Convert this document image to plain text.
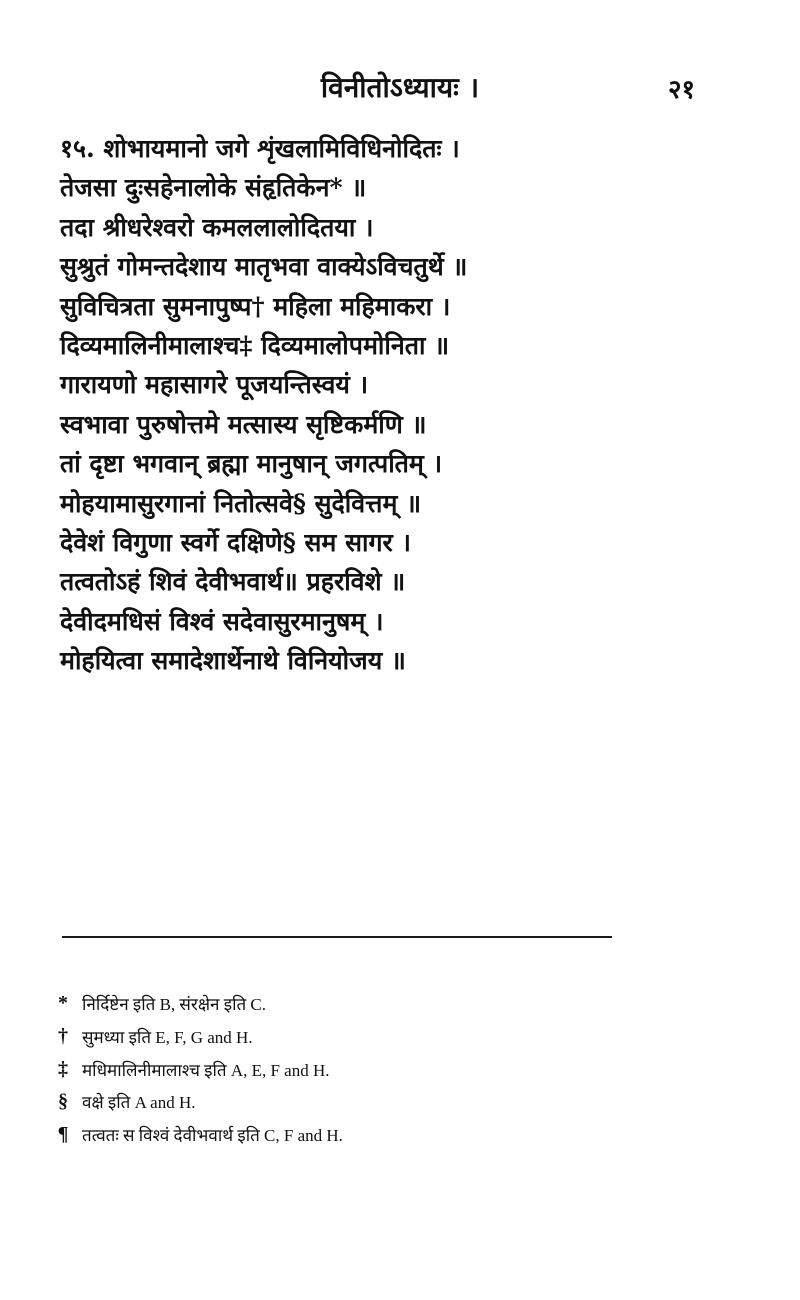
विनीतोऽध्यायः ।	२१
१५. शोभायमानो जगे शृंखलामिविधिनोदितः ।
तेजसा दुःसहेनालोके संहृतिकेन* ॥
तदा श्रीधरेश्वरो कमललालोदितया ।
सुश्रुतं गोमन्तदेशाय मातृभवा वाक्येऽविचतुर्थे ॥
सुविचित्रता सुमनापुष्प† महिला महिमाकरा ।
दिव्यमालिनीमालाश्च‡ दिव्यमालोपमोनिता ॥
गारायणो महासागरे पूजयन्तिस्वयं ।
स्वभावा पुरुषोत्तमे मत्सास्य सृष्टिकर्मणि ॥
तां दृष्टा भगवान् ब्रह्मा मानुषान् जगत्पतिम् ।
मोहयामासुरगानां नितोत्सवे§ सुदेवित्तम् ॥
देवेशं विगुणा स्वर्गे दक्षिणे§ सम सागर ।
तत्वतोऽहं शिवं देवीभवार्थ॥ प्रहरविशे ॥
देवीदमधिसं विश्वं सदेवासुरमानुषम् ।
मोहयित्वा समादेशार्थेनाथे विनियोजय ॥
* निर्दिष्टेन इति B, संरक्षेन इति C.
† सुमध्या इति E, F, G and H.
‡ मधिमालिनीमालाश्च इति A, E, F and H.
§ वक्षे इति A and H.
¶ तत्वतः स विश्वं देवीभवार्थ इति C, F and H.
